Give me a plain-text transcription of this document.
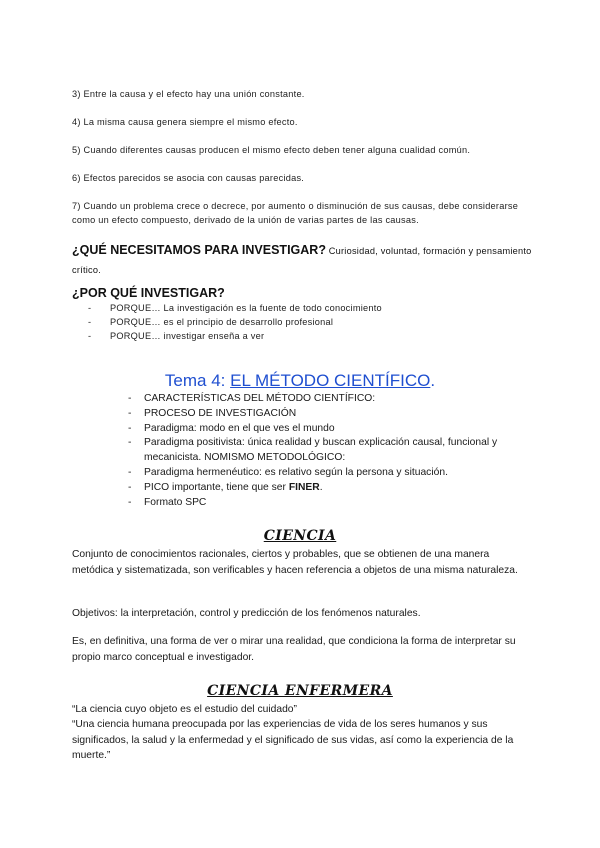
3) Entre la causa y el efecto hay una unión constante.
4) La misma causa genera siempre el mismo efecto.
5) Cuando diferentes causas producen el mismo efecto deben tener alguna cualidad común.
6) Efectos parecidos se asocia con causas parecidas.
7) Cuando un problema crece o decrece, por aumento o disminución de sus causas, debe considerarse como un efecto compuesto, derivado de la unión de varias partes de las causas.
¿QUÉ NECESITAMOS PARA INVESTIGAR? Curiosidad, voluntad, formación y pensamiento crítico.
¿POR QUÉ INVESTIGAR?
- PORQUE… La investigación es la fuente de todo conocimiento
- PORQUE… es el principio de desarrollo profesional
- PORQUE… investigar enseña a ver
Tema 4: EL MÉTODO CIENTÍFICO.
- CARACTERÍSTICAS DEL MÉTODO CIENTÍFICO:
- PROCESO DE INVESTIGACIÓN
- Paradigma: modo en el que ves el mundo
- Paradigma positivista: única realidad y buscan explicación causal, funcional y mecanicista. NOMISMO METODOLÓGICO:
- Paradigma hermenéutico: es relativo según la persona y situación.
- PICO importante, tiene que ser FINER.
- Formato SPC
CIENCIA
Conjunto de conocimientos racionales, ciertos y probables, que se obtienen de una manera metódica y sistematizada, son verificables y hacen referencia a objetos de una misma naturaleza.
Objetivos: la interpretación, control y predicción de los fenómenos naturales.
Es, en definitiva, una forma de ver o mirar una realidad, que condiciona la forma de interpretar su propio marco conceptual e investigador.
CIENCIA ENFERMERA
“La ciencia cuyo objeto es el estudio del cuidado”
“Una ciencia humana preocupada por las experiencias de vida de los seres humanos y sus significados, la salud y la enfermedad y el significado de sus vidas, así como la experiencia de la muerte.”
